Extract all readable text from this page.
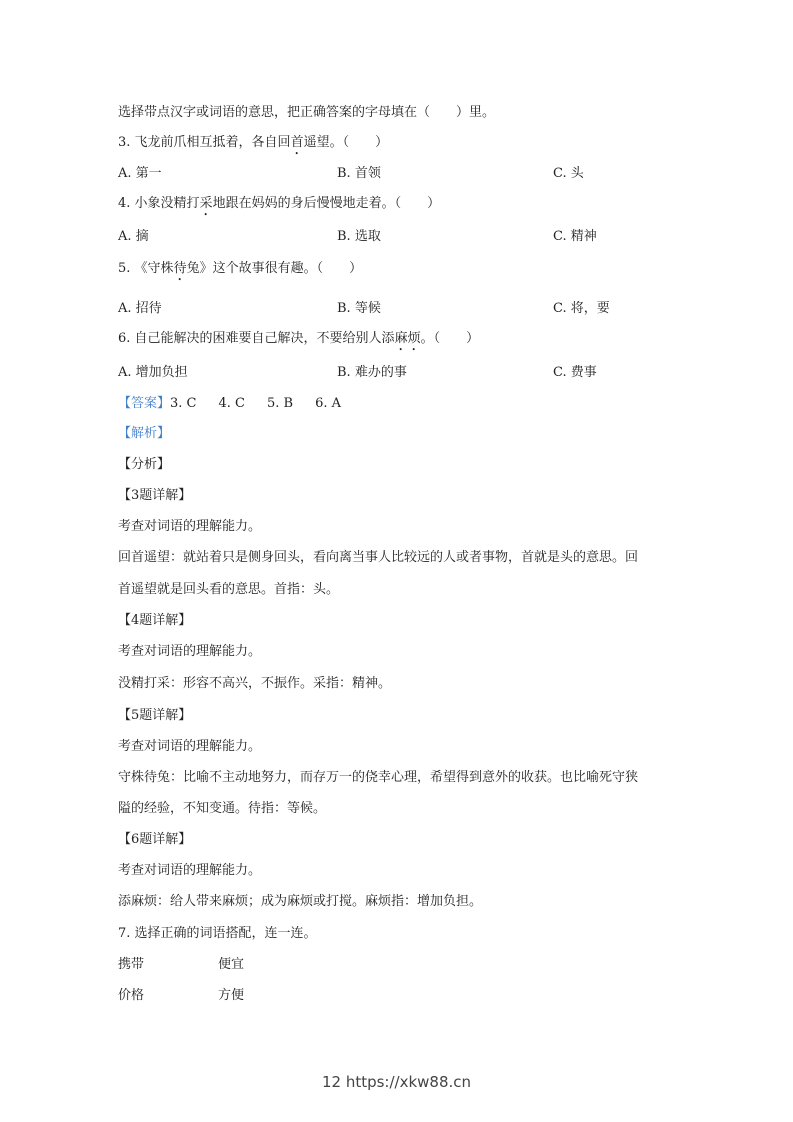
选择带点汉字或词语的意思，把正确答案的字母填在（　　）里。
3. 飞龙前爪相互抵着，各自回首遥望。（　　）
A. 第一	B. 首领	C. 头
4. 小象没精打采地跟在妈妈的身后慢慢地走着。（　　）
A. 摘	B. 选取	C. 精神
5. 《守株待兔》这个故事很有趣。（　　）
A. 招待	B. 等候	C. 将，要
6. 自己能解决的困难要自己解决，不要给别人添麻烦。（　　）
A. 增加负担	B. 难办的事	C. 费事
【答案】3. C 4. C 5. B 6. A
【解析】
【分析】
【3题详解】
考查对词语的理解能力。
回首遥望：就站着只是侧身回头，看向离当事人比较远的人或者事物，首就是头的意思。回
首遥望就是回头看的意思。首指：头。
【4题详解】
考查对词语的理解能力。
没精打采：形容不高兴，不振作。采指：精神。
【5题详解】
考查对词语的理解能力。
守株待兔：比喻不主动地努力，而存万一的侥幸心理，希望得到意外的收获。也比喻死守狭
隘的经验，不知变通。待指：等候。
【6题详解】
考查对词语的理解能力。
添麻烦：给人带来麻烦；成为麻烦或打搅。麻烦指：增加负担。
7. 选择正确的词语搭配，连一连。
携带	便宜
价格	方便
12 https://xkw88.cn
